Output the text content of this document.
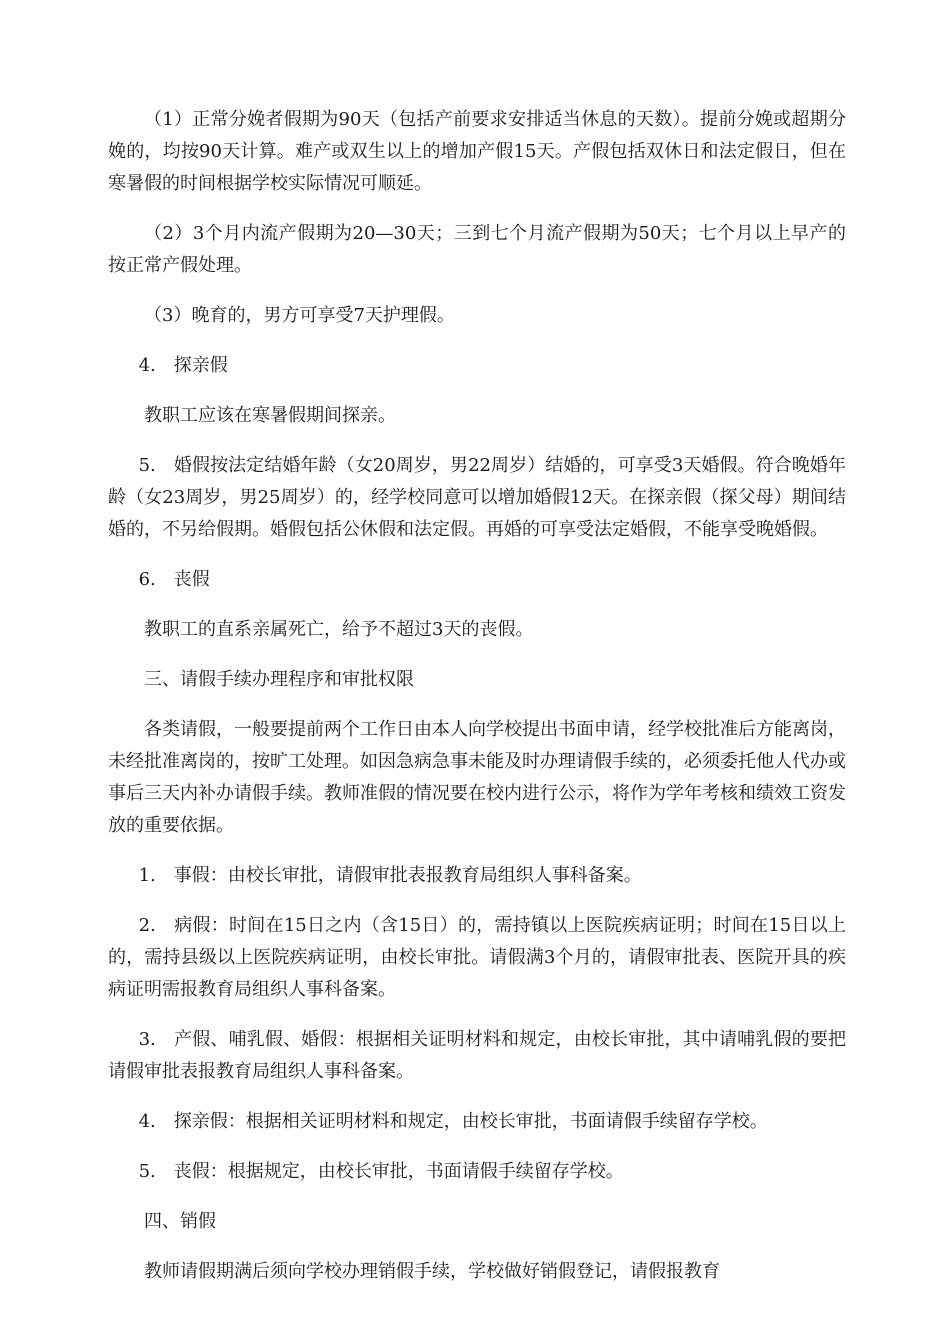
（1）正常分娩者假期为90天（包括产前要求安排适当休息的天数）。提前分娩或超期分娩的，均按90天计算。难产或双生以上的增加产假15天。产假包括双休日和法定假日，但在寒暑假的时间根据学校实际情况可顺延。

（2）3个月内流产假期为20—30天；三到七个月流产假期为50天；七个月以上早产的按正常产假处理。

（3）晚育的，男方可享受7天护理假。

4.　探亲假

教职工应该在寒暑假期间探亲。

5.　婚假按法定结婚年龄（女20周岁，男22周岁）结婚的，可享受3天婚假。符合晚婚年龄（女23周岁，男25周岁）的，经学校同意可以增加婚假12天。在探亲假（探父母）期间结婚的，不另给假期。婚假包括公休假和法定假。再婚的可享受法定婚假，不能享受晚婚假。

6.　丧假

教职工的直系亲属死亡，给予不超过3天的丧假。

三、请假手续办理程序和审批权限

各类请假，一般要提前两个工作日由本人向学校提出书面申请，经学校批准后方能离岗，未经批准离岗的，按旷工处理。如因急病急事未能及时办理请假手续的，必须委托他人代办或事后三天内补办请假手续。教师准假的情况要在校内进行公示，将作为学年考核和绩效工资发放的重要依据。

1.　事假：由校长审批，请假审批表报教育局组织人事科备案。

2.　病假：时间在15日之内（含15日）的，需持镇以上医院疾病证明；时间在15日以上的，需持县级以上医院疾病证明，由校长审批。请假满3个月的，请假审批表、医院开具的疾病证明需报教育局组织人事科备案。

3.　产假、哺乳假、婚假：根据相关证明材料和规定，由校长审批，其中请哺乳假的要把请假审批表报教育局组织人事科备案。

4.　探亲假：根据相关证明材料和规定，由校长审批，书面请假手续留存学校。

5.　丧假：根据规定，由校长审批，书面请假手续留存学校。

四、销假

教师请假期满后须向学校办理销假手续，学校做好销假登记，请假报教育
